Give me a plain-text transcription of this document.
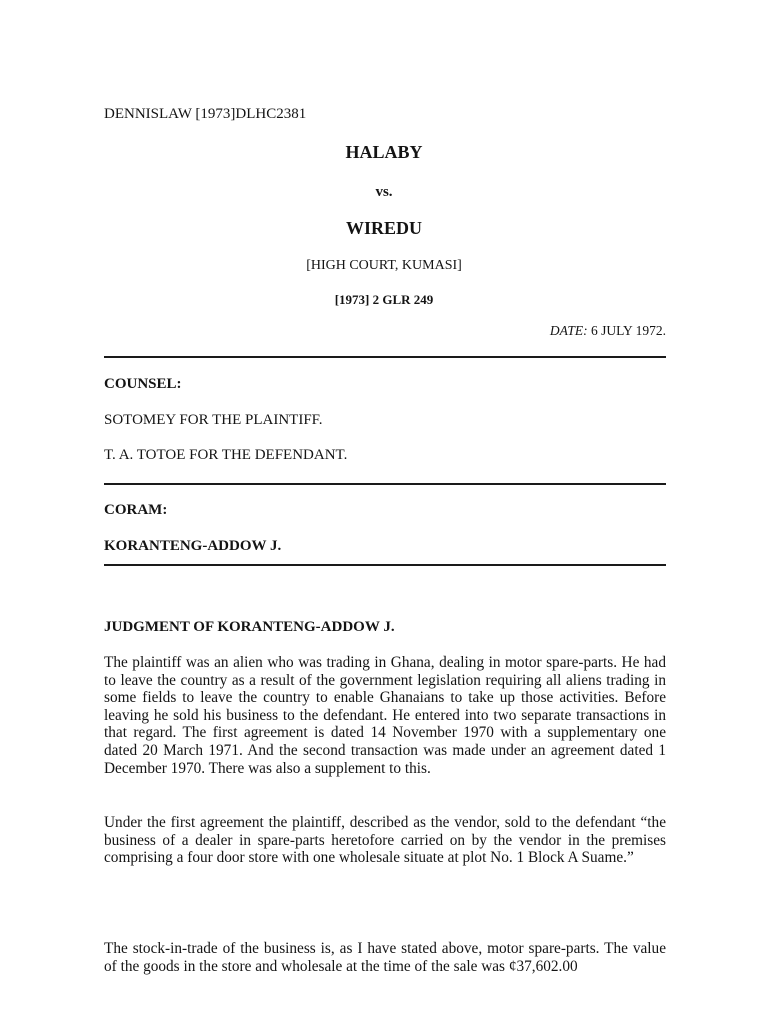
DENNISLAW [1973]DLHC2381

HALABY

vs.

WIREDU

[HIGH COURT, KUMASI]

[1973] 2 GLR 249

DATE: 6 JULY 1972.

COUNSEL:

SOTOMEY FOR THE PLAINTIFF.

T. A. TOTOE FOR THE DEFENDANT.

CORAM:

KORANTENG-ADDOW J.

JUDGMENT OF KORANTENG-ADDOW J.

The plaintiff was an alien who was trading in Ghana, dealing in motor spare-parts. He had to leave the country as a result of the government legislation requiring all aliens trading in some fields to leave the country to enable Ghanaians to take up those activities. Before leaving he sold his business to the defendant. He entered into two separate transactions in that regard. The first agreement is dated 14 November 1970 with a supplementary one dated 20 March 1971. And the second transaction was made under an agreement dated 1 December 1970. There was also a supplement to this.

Under the first agreement the plaintiff, described as the vendor, sold to the defendant “the business of a dealer in spare-parts heretofore carried on by the vendor in the premises comprising a four door store with one wholesale situate at plot No. 1 Block A Suame.”

The stock-in-trade of the business is, as I have stated above, motor spare-parts. The value of the goods in the store and wholesale at the time of the sale was ¢37,602.00
